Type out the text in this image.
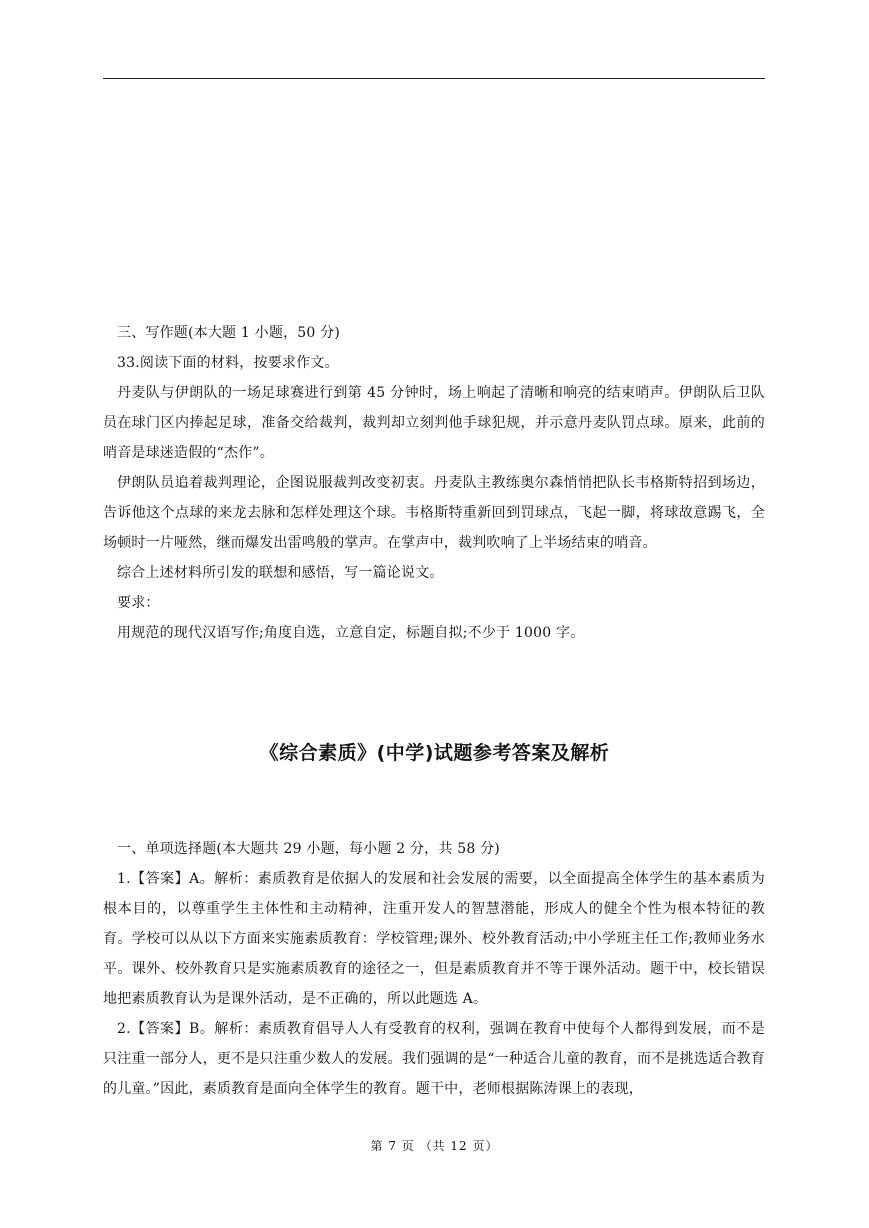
三、写作题(本大题 1 小题，50 分)

33.阅读下面的材料，按要求作文。

丹麦队与伊朗队的一场足球赛进行到第 45 分钟时，场上响起了清晰和响亮的结束哨声。伊朗队后卫队员在球门区内捧起足球，准备交给裁判，裁判却立刻判他手球犯规，并示意丹麦队罚点球。原来，此前的哨音是球迷造假的“杰作”。

伊朗队员追着裁判理论，企图说服裁判改变初衷。丹麦队主教练奥尔森悄悄把队长韦格斯特招到场边，告诉他这个点球的来龙去脉和怎样处理这个球。韦格斯特重新回到罚球点，飞起一脚，将球故意踢飞，全场顿时一片哑然，继而爆发出雷鸣般的掌声。在掌声中，裁判吹响了上半场结束的哨音。

综合上述材料所引发的联想和感悟，写一篇论说文。

要求：

用规范的现代汉语写作;角度自选，立意自定，标题自拟;不少于 1000 字。

《综合素质》(中学)试题参考答案及解析

一、单项选择题(本大题共 29 小题，每小题 2 分，共 58 分)

1.【答案】A。解析：素质教育是依据人的发展和社会发展的需要，以全面提高全体学生的基本素质为根本目的，以尊重学生主体性和主动精神，注重开发人的智慧潜能，形成人的健全个性为根本特征的教育。学校可以从以下方面来实施素质教育：学校管理;课外、校外教育活动;中小学班主任工作;教师业务水平。课外、校外教育只是实施素质教育的途径之一，但是素质教育并不等于课外活动。题干中，校长错误地把素质教育认为是课外活动，是不正确的，所以此题选 A。

2.【答案】B。解析：素质教育倡导人人有受教育的权利，强调在教育中使每个人都得到发展，而不是只注重一部分人，更不是只注重少数人的发展。我们强调的是“一种适合儿童的教育，而不是挑选适合教育的儿童。”因此，素质教育是面向全体学生的教育。题干中，老师根据陈涛课上的表现，

第 7 页 （共 12 页）
